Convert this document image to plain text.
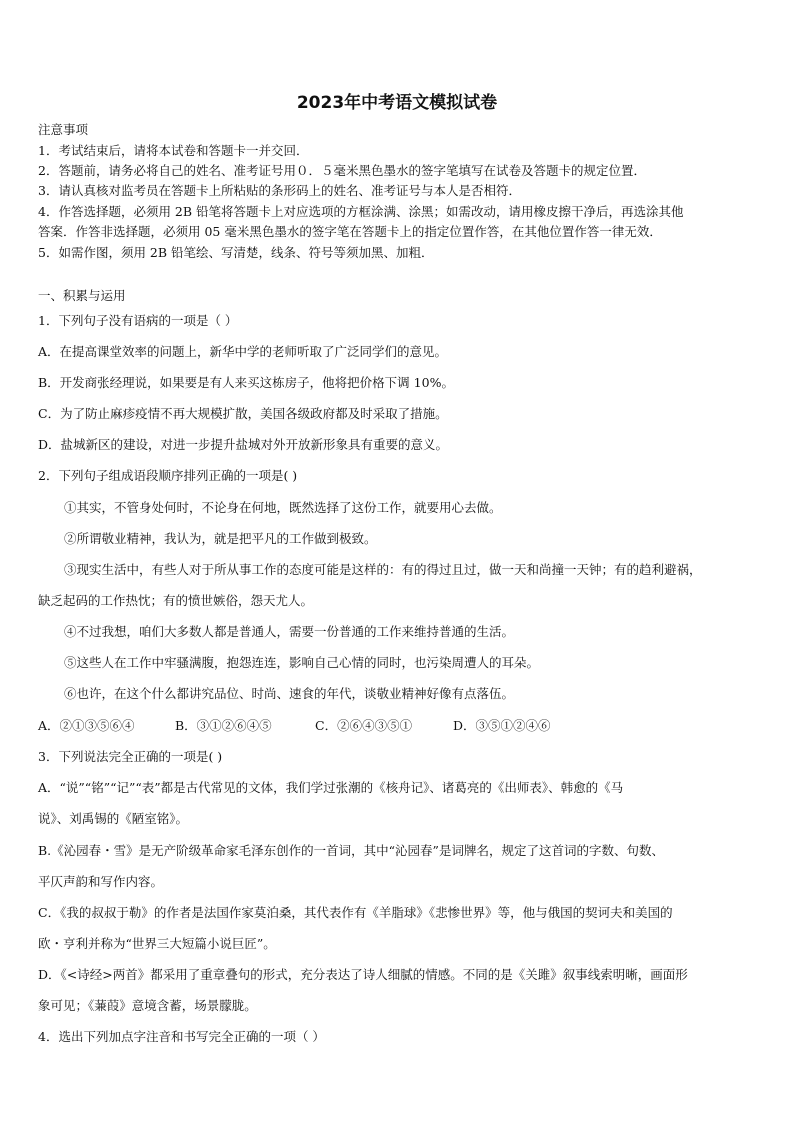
2023年中考语文模拟试卷
注意事项
1．考试结束后，请将本试卷和答题卡一并交回．
2．答题前，请务必将自己的姓名、准考证号用０．５毫米黑色墨水的签字笔填写在试卷及答题卡的规定位置．
3．请认真核对监考员在答题卡上所粘贴的条形码上的姓名、准考证号与本人是否相符．
4．作答选择题，必须用 2B 铅笔将答题卡上对应选项的方框涂满、涂黑；如需改动，请用橡皮擦干净后，再选涂其他
答案．作答非选择题，必须用 05 毫米黑色墨水的签字笔在答题卡上的指定位置作答，在其他位置作答一律无效．
5．如需作图，须用 2B 铅笔绘、写清楚，线条、符号等须加黑、加粗．
一、积累与运用
1．下列句子没有语病的一项是（ ）
A．在提高课堂效率的问题上，新华中学的老师听取了广泛同学们的意见。
B．开发商张经理说，如果要是有人来买这栋房子，他将把价格下调 10%。
C．为了防止麻疹疫情不再大规模扩散，美国各级政府都及时采取了措施。
D．盐城新区的建设，对进一步提升盐城对外开放新形象具有重要的意义。
2．下列句子组成语段顺序排列正确的一项是( )
①其实，不管身处何时，不论身在何地，既然选择了这份工作，就要用心去做。
②所谓敬业精神，我认为，就是把平凡的工作做到极致。
③现实生活中，有些人对于所从事工作的态度可能是这样的：有的得过且过，做一天和尚撞一天钟；有的趋利避祸，
缺乏起码的工作热忱；有的愤世嫉俗，怨天尤人。
④不过我想，咱们大多数人都是普通人，需要一份普通的工作来维持普通的生活。
⑤这些人在工作中牢骚满腹，抱怨连连，影响自己心情的同时，也污染周遭人的耳朵。
⑥也许，在这个什么都讲究品位、时尚、速食的年代，谈敬业精神好像有点落伍。
A．②①③⑤⑥④	B．③①②⑥④⑤	C．②⑥④③⑤①	D．③⑤①②④⑥
3．下列说法完全正确的一项是( )
A．“说”“铭”“记”“表”都是古代常见的文体，我们学过张潮的《核舟记》、诸葛亮的《出师表》、韩愈的《马
说》、刘禹锡的《陋室铭》。
B.《沁园春・雪》是无产阶级革命家毛泽东创作的一首词，其中“沁园春”是词牌名，规定了这首词的字数、句数、
平仄声韵和写作内容。
C．《我的叔叔于勒》的作者是法国作家莫泊桑，其代表作有《羊脂球》《悲惨世界》等，他与俄国的契诃夫和美国的
欧・亨利并称为“世界三大短篇小说巨匠”。
D．《<诗经>两首》都采用了重章叠句的形式，充分表达了诗人细腻的情感。不同的是《关雎》叙事线索明晰，画面形
象可见；《蒹葭》意境含蓄，场景朦胧。
4．选出下列加点字注音和书写完全正确的一项（ ）
